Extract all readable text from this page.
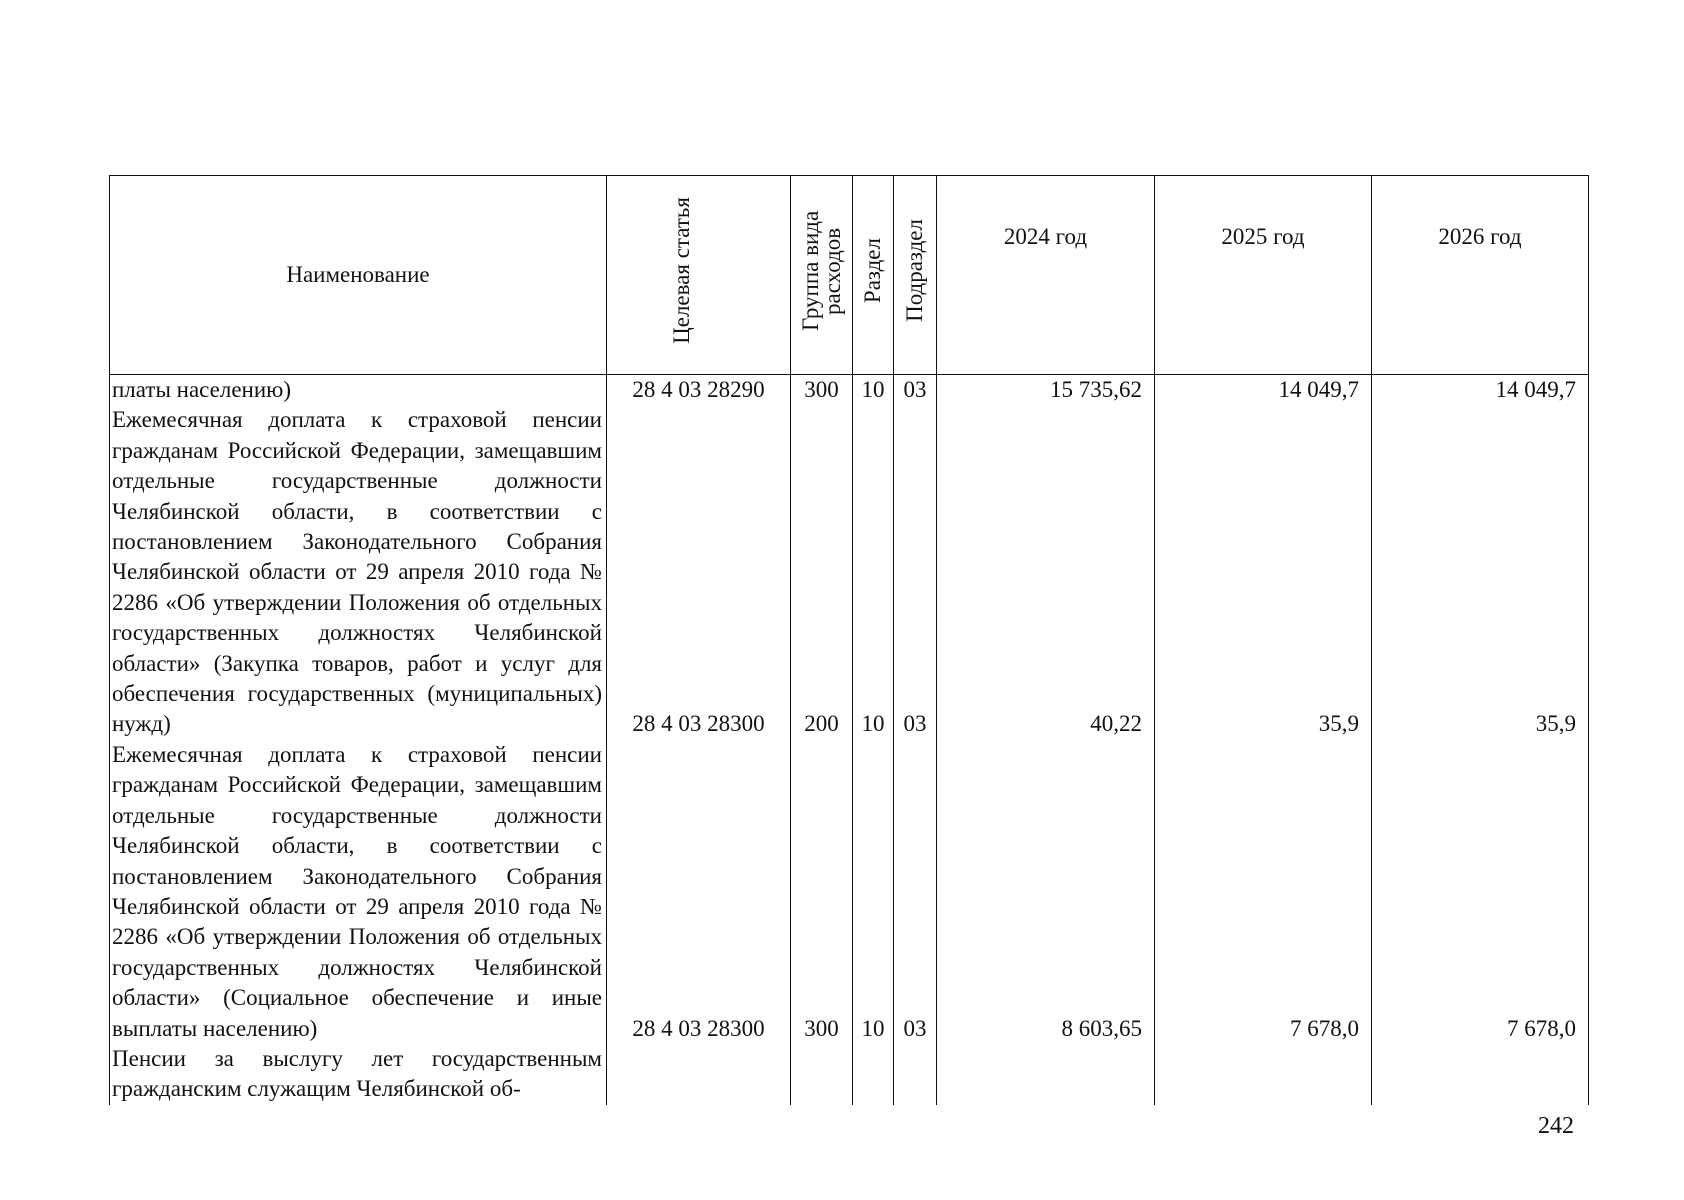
Наименование	Целевая статья	Группа вида расходов	Раздел	Подраздел	2024 год	2025 год	2026 год

платы населению)	28 4 03 28290	300	10	03	15 735,62	14 049,7	14 049,7
Ежемесячная доплата к страховой пенсии гражданам Российской Федерации, замещавшим отдельные государственные должности Челябинской области, в соответствии с постановлением Законодательного Собрания Челябинской области от 29 апреля 2010 года № 2286 «Об утверждении Положения об отдельных государственных должностях Челябинской области» (Закупка товаров, работ и услуг для обеспечения государственных (муниципальных) нужд)	28 4 03 28300	200	10	03	40,22	35,9	35,9
Ежемесячная доплата к страховой пенсии гражданам Российской Федерации, замещавшим отдельные государственные должности Челябинской области, в соответствии с постановлением Законодательного Собрания Челябинской области от 29 апреля 2010 года № 2286 «Об утверждении Положения об отдельных государственных должностях Челябинской области» (Социальное обеспечение и иные выплаты населению)	28 4 03 28300	300	10	03	8 603,65	7 678,0	7 678,0
Пенсии за выслугу лет государственным гражданским служащим Челябинской об-							
242
